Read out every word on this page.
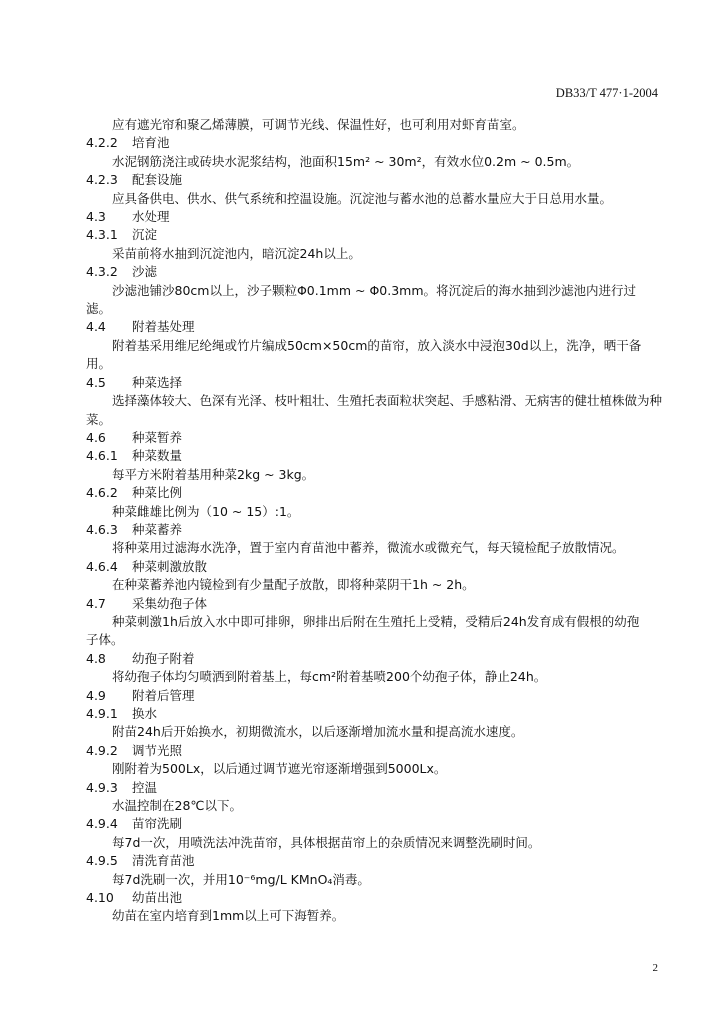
DB33/T 477·1-2004
应有遮光帘和聚乙烯薄膜，可调节光线、保温性好，也可利用对虾育苗室。
4.2.2	培育池
水泥钢筋浇注或砖块水泥浆结构，池面积15m² ~ 30m²，有效水位0.2m ~ 0.5m。
4.2.3	配套设施
应具备供电、供水、供气系统和控温设施。沉淀池与蓄水池的总蓄水量应大于日总用水量。
4.3	水处理
4.3.1	沉淀
采苗前将水抽到沉淀池内，暗沉淀24h以上。
4.3.2	沙滤
沙滤池铺沙80cm以上，沙子颗粒Φ0.1mm ~ Φ0.3mm。将沉淀后的海水抽到沙滤池内进行过
滤。
4.4	附着基处理
附着基采用维尼纶绳或竹片编成50cm×50cm的苗帘，放入淡水中浸泡30d以上，洗净，晒干备
用。
4.5	种菜选择
选择藻体较大、色深有光泽、枝叶粗壮、生殖托表面粒状突起、手感粘滑、无病害的健壮植株做为种
菜。
4.6	种菜暂养
4.6.1	种菜数量
每平方米附着基用种菜2kg ~ 3kg。
4.6.2	种菜比例
种菜雌雄比例为（10 ~ 15）:1。
4.6.3	种菜蓄养
将种菜用过滤海水洗净，置于室内育苗池中蓄养，微流水或微充气，每天镜检配子放散情况。
4.6.4	种菜刺激放散
在种菜蓄养池内镜检到有少量配子放散，即将种菜阴干1h ~ 2h。
4.7	采集幼孢子体
种菜刺激1h后放入水中即可排卵，卵排出后附在生殖托上受精，受精后24h发育成有假根的幼孢
子体。
4.8	幼孢子附着
将幼孢子体均匀喷洒到附着基上，每cm²附着基喷200个幼孢子体，静止24h。
4.9	附着后管理
4.9.1	换水
附苗24h后开始换水，初期微流水，以后逐渐增加流水量和提高流水速度。
4.9.2	调节光照
刚附着为500Lx，以后通过调节遮光帘逐渐增强到5000Lx。
4.9.3	控温
水温控制在28℃以下。
4.9.4	苗帘洗刷
每7d一次，用喷洗法冲洗苗帘，具体根据苗帘上的杂质情况来调整洗刷时间。
4.9.5	清洗育苗池
每7d洗刷一次，并用10⁻⁶mg/L KMnO₄消毒。
4.10	幼苗出池
幼苗在室内培育到1mm以上可下海暂养。
2
